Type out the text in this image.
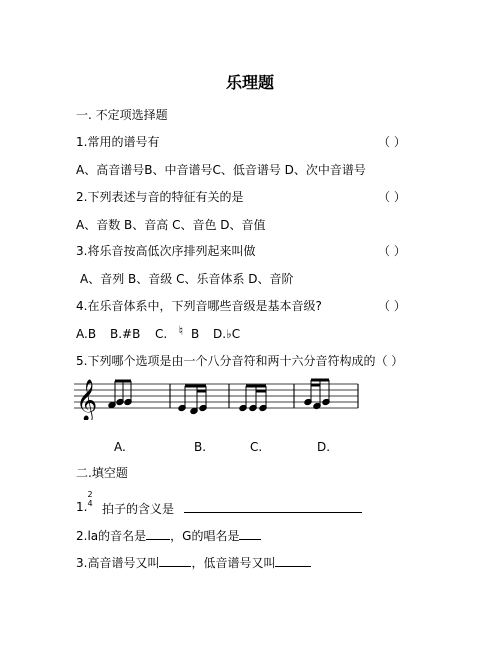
乐理题
一. 不定项选择题
1.常用的谱号有	（ ）
A、高音谱号B、中音谱号C、低音谱号 D、次中音谱号
2.下列表述与音的特征有关的是	（ ）
A、音数 B、音高 C、音色 D、音值
3.将乐音按高低次序排列起来叫做	（ ）
A、音列 B、音级 C、乐音体系 D、音阶
4.在乐音体系中，下列音哪些音级是基本音级?	（ ）
A.B B.#B C. ♮ B D.♭C
5.下列哪个选项是由一个八分音符和两十六分音符构成的（ ）
𝄞
A.	B.	C.	D.
二.填空题
1.
2
4 拍子的含义是
2.la的音名是 ，G的唱名是
3.高音谱号又叫	，低音谱号又叫
